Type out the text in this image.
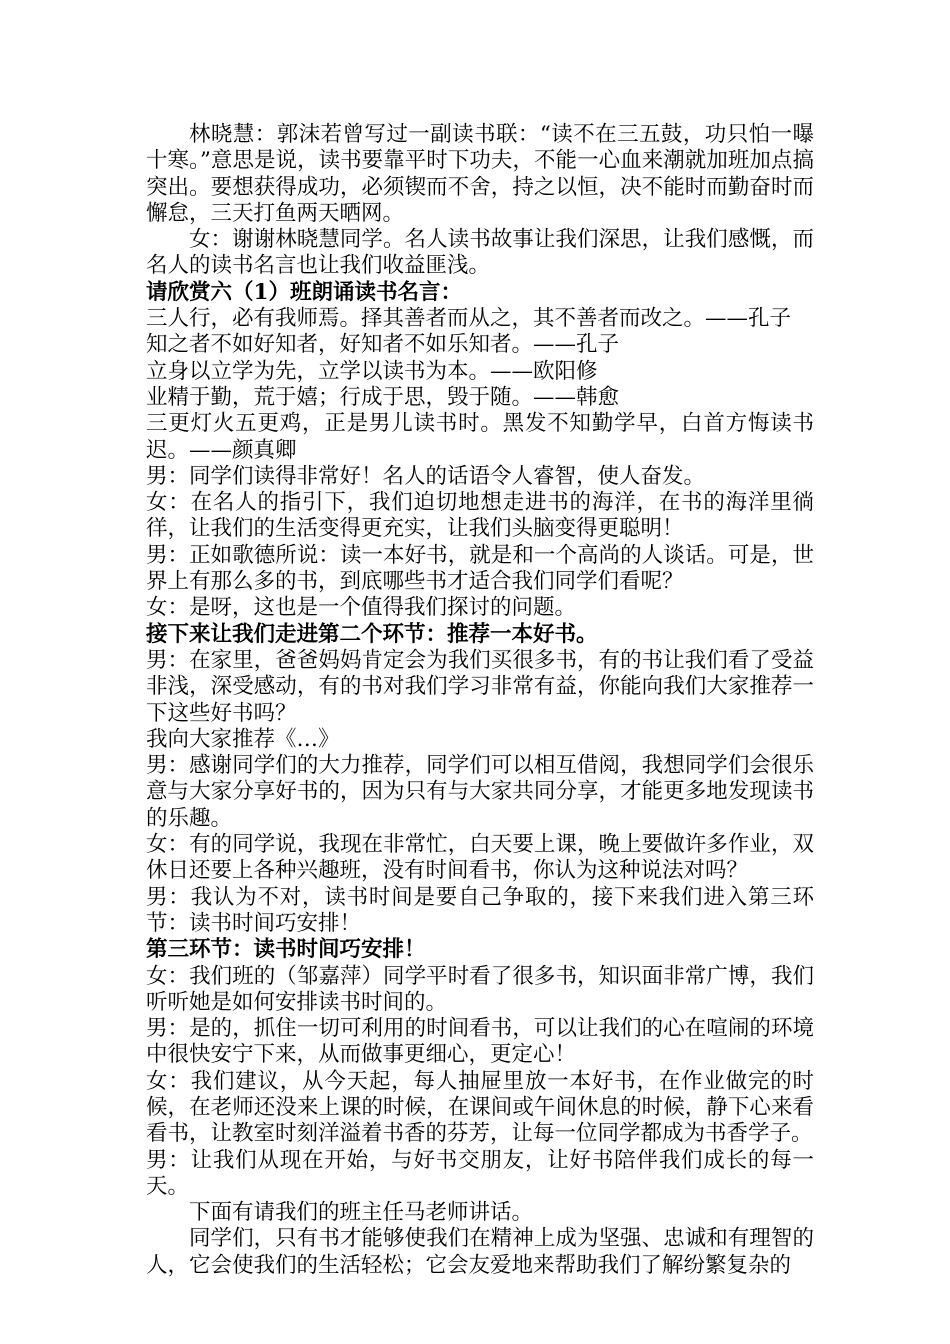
林晓慧：郭沫若曾写过一副读书联：“读不在三五鼓，功只怕一曝十寒。”意思是说，读书要靠平时下功夫，不能一心血来潮就加班加点搞突出。要想获得成功，必须锲而不舍，持之以恒，决不能时而勤奋时而懈怠，三天打鱼两天晒网。

女：谢谢林晓慧同学。名人读书故事让我们深思，让我们感慨，而名人的读书名言也让我们收益匪浅。

请欣赏六（1）班朗诵读书名言：

三人行，必有我师焉。择其善者而从之，其不善者而改之。——孔子

知之者不如好知者，好知者不如乐知者。——孔子

立身以立学为先，立学以读书为本。——欧阳修

业精于勤，荒于嬉；行成于思，毁于随。——韩愈

三更灯火五更鸡，正是男儿读书时。黑发不知勤学早，白首方悔读书迟。——颜真卿

男：同学们读得非常好！名人的话语令人睿智，使人奋发。

女：在名人的指引下，我们迫切地想走进书的海洋，在书的海洋里徜徉，让我们的生活变得更充实，让我们头脑变得更聪明！

男：正如歌德所说：读一本好书，就是和一个高尚的人谈话。可是，世界上有那么多的书，到底哪些书才适合我们同学们看呢？

女：是呀，这也是一个值得我们探讨的问题。

接下来让我们走进第二个环节：推荐一本好书。

男：在家里，爸爸妈妈肯定会为我们买很多书，有的书让我们看了受益非浅，深受感动，有的书对我们学习非常有益，你能向我们大家推荐一下这些好书吗？

我向大家推荐《…》

男：感谢同学们的大力推荐，同学们可以相互借阅，我想同学们会很乐意与大家分享好书的，因为只有与大家共同分享，才能更多地发现读书的乐趣。

女：有的同学说，我现在非常忙，白天要上课，晚上要做许多作业，双休日还要上各种兴趣班，没有时间看书，你认为这种说法对吗？

男：我认为不对，读书时间是要自己争取的，接下来我们进入第三环节：读书时间巧安排！

第三环节：读书时间巧安排！

女：我们班的（邹嘉萍）同学平时看了很多书，知识面非常广博，我们听听她是如何安排读书时间的。

男：是的，抓住一切可利用的时间看书，可以让我们的心在喧闹的环境中很快安宁下来，从而做事更细心，更定心！

女：我们建议，从今天起，每人抽屉里放一本好书，在作业做完的时候，在老师还没来上课的时候，在课间或午间休息的时候，静下心来看看书，让教室时刻洋溢着书香的芬芳，让每一位同学都成为书香学子。

男：让我们从现在开始，与好书交朋友，让好书陪伴我们成长的每一天。

下面有请我们的班主任马老师讲话。

同学们，只有书才能够使我们在精神上成为坚强、忠诚和有理智的人，它会使我们的生活轻松；它会友爱地来帮助我们了解纷繁复杂的
